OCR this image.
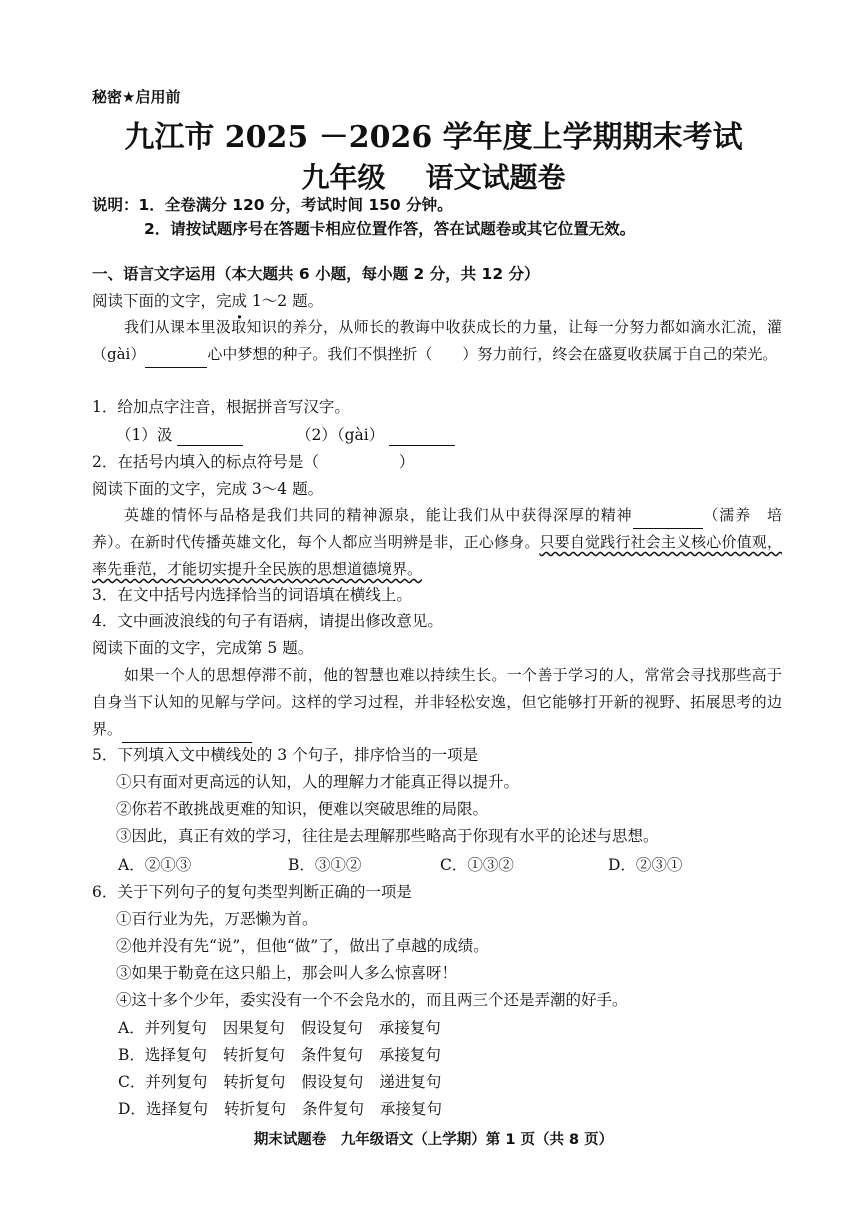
秘密★启用前
九江市 2025 －2026 学年度上学期期末考试
九年级 语文试题卷
说明：1．全卷满分 120 分，考试时间 150 分钟。
2．请按试题序号在答题卡相应位置作答，答在试题卷或其它位置无效。
一、语言文字运用（本大题共 6 小题，每小题 2 分，共 12 分）
阅读下面的文字，完成 1～2 题。
我们从课本里汲取知识的养分，从师长的教诲中收获成长的力量，让每一分努力都如滴水汇流，灌（gài）	心中梦想的种子。我们不惧挫折（　　）努力前行，终会在盛夏收获属于自己的荣光。
1．给加点字注音，根据拼音写汉字。
（1）汲	（2）（gài）
2．在括号内填入的标点符号是（	）
阅读下面的文字，完成 3～4 题。
英雄的情怀与品格是我们共同的精神源泉，能让我们从中获得深厚的精神	（濡养　培养）。在新时代传播英雄文化，每个人都应当明辨是非，正心修身。只要自觉践行社会主义核心价值观，率先垂范，才能切实提升全民族的思想道德境界。
3．在文中括号内选择恰当的词语填在横线上。
4．文中画波浪线的句子有语病，请提出修改意见。
阅读下面的文字，完成第 5 题。
如果一个人的思想停滞不前，他的智慧也难以持续生长。一个善于学习的人，常常会寻找那些高于自身当下认知的见解与学问。这样的学习过程，并非轻松安逸，但它能够打开新的视野、拓展思考的边界。
5．下列填入文中横线处的 3 个句子，排序恰当的一项是
①只有面对更高远的认知，人的理解力才能真正得以提升。
②你若不敢挑战更难的知识，便难以突破思维的局限。
③因此，真正有效的学习，往往是去理解那些略高于你现有水平的论述与思想。
A．②①③	B．③①②	C．①③②	D．②③①
6．关于下列句子的复句类型判断正确的一项是
①百行业为先，万恶懒为首。
②他并没有先“说”，但他“做”了，做出了卓越的成绩。
③如果于勒竟在这只船上，那会叫人多么惊喜呀！
④这十多个少年，委实没有一个不会凫水的，而且两三个还是弄潮的好手。
A．并列复句 因果复句 假设复句 承接复句
B．选择复句 转折复句 条件复句 承接复句
C．并列复句 转折复句 假设复句 递进复句
D．选择复句 转折复句 条件复句 承接复句
期末试题卷　九年级语文（上学期）第 1 页（共 8 页）
